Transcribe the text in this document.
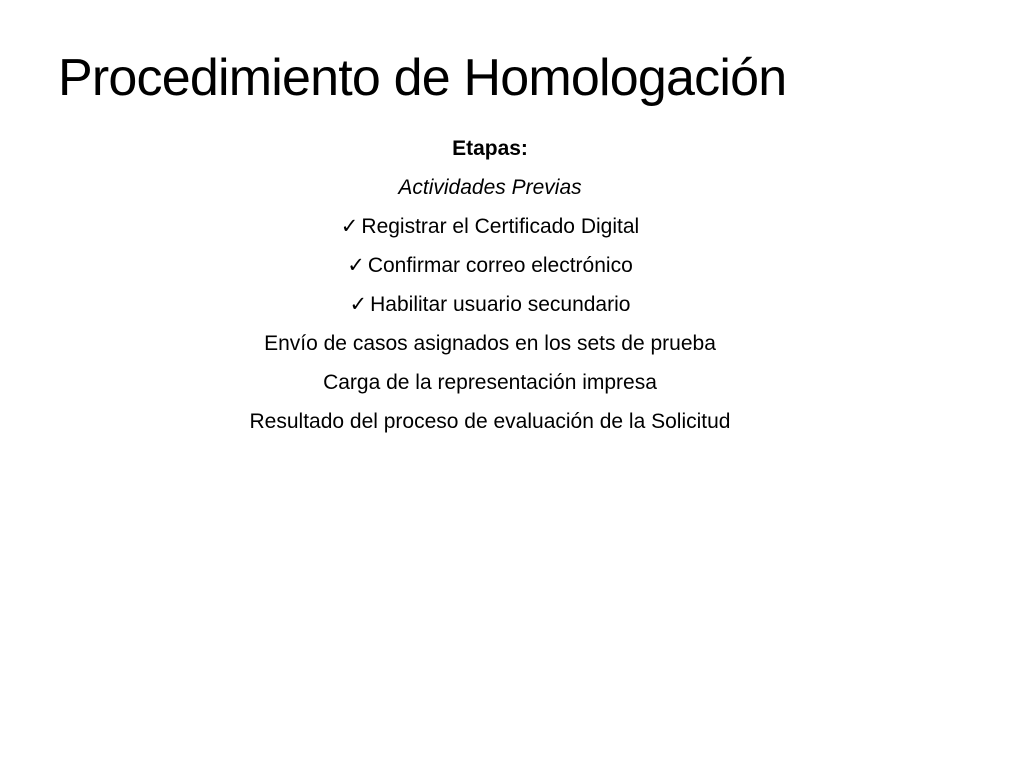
Procedimiento de Homologación
Etapas:
Actividades Previas
✓ Registrar el Certificado Digital
✓ Confirmar correo electrónico
✓ Habilitar usuario secundario
Envío de casos asignados en los sets de prueba
Carga de la representación impresa
Resultado del proceso de evaluación de la Solicitud
